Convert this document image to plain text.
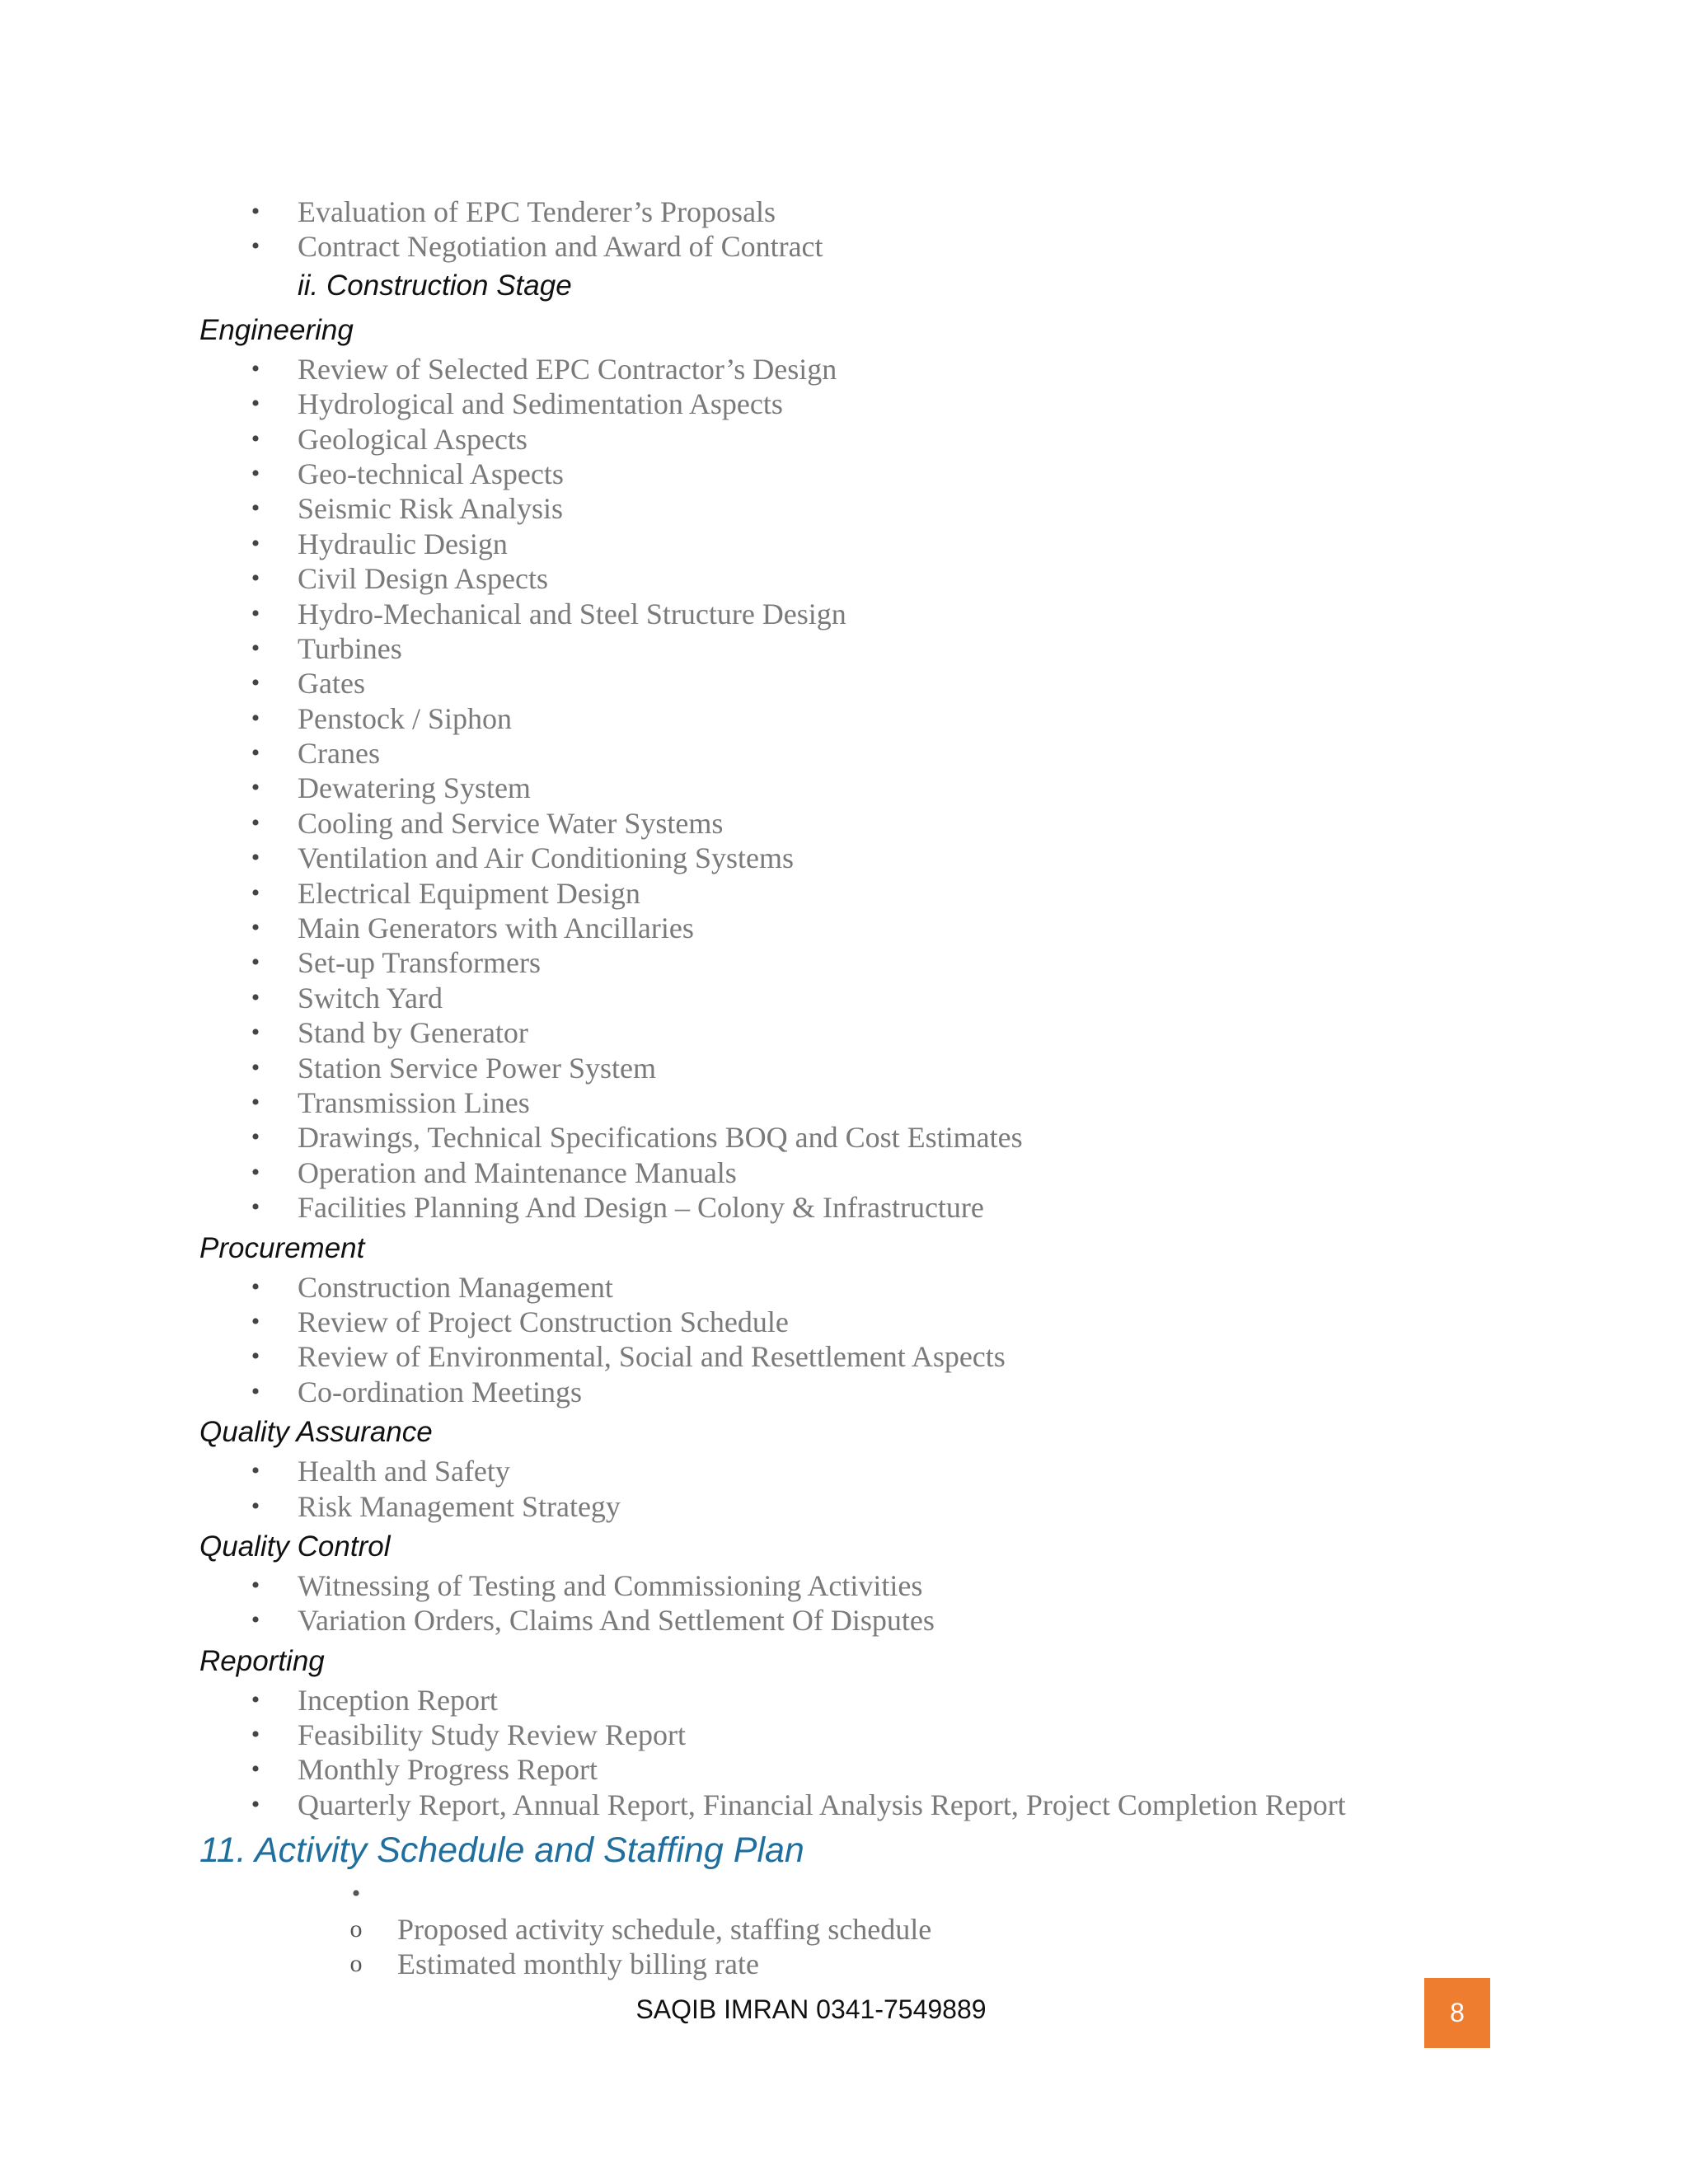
• Evaluation of EPC Tenderer’s Proposals
• Contract Negotiation and Award of Contract
ii. Construction Stage
Engineering
• Review of Selected EPC Contractor’s Design
• Hydrological and Sedimentation Aspects
• Geological Aspects
• Geo-technical Aspects
• Seismic Risk Analysis
• Hydraulic Design
• Civil Design Aspects
• Hydro-Mechanical and Steel Structure Design
• Turbines
• Gates
• Penstock / Siphon
• Cranes
• Dewatering System
• Cooling and Service Water Systems
• Ventilation and Air Conditioning Systems
• Electrical Equipment Design
• Main Generators with Ancillaries
• Set-up Transformers
• Switch Yard
• Stand by Generator
• Station Service Power System
• Transmission Lines
• Drawings, Technical Specifications BOQ and Cost Estimates
• Operation and Maintenance Manuals
• Facilities Planning And Design – Colony & Infrastructure
Procurement
• Construction Management
• Review of Project Construction Schedule
• Review of Environmental, Social and Resettlement Aspects
• Co-ordination Meetings
Quality Assurance
• Health and Safety
• Risk Management Strategy
Quality Control
• Witnessing of Testing and Commissioning Activities
• Variation Orders, Claims And Settlement Of Disputes
Reporting
• Inception Report
• Feasibility Study Review Report
• Monthly Progress Report
• Quarterly Report, Annual Report, Financial Analysis Report, Project Completion Report
11. Activity Schedule and Staffing Plan
•
o Proposed activity schedule, staffing schedule
o Estimated monthly billing rate
SAQIB IMRAN 0341-7549889	8
